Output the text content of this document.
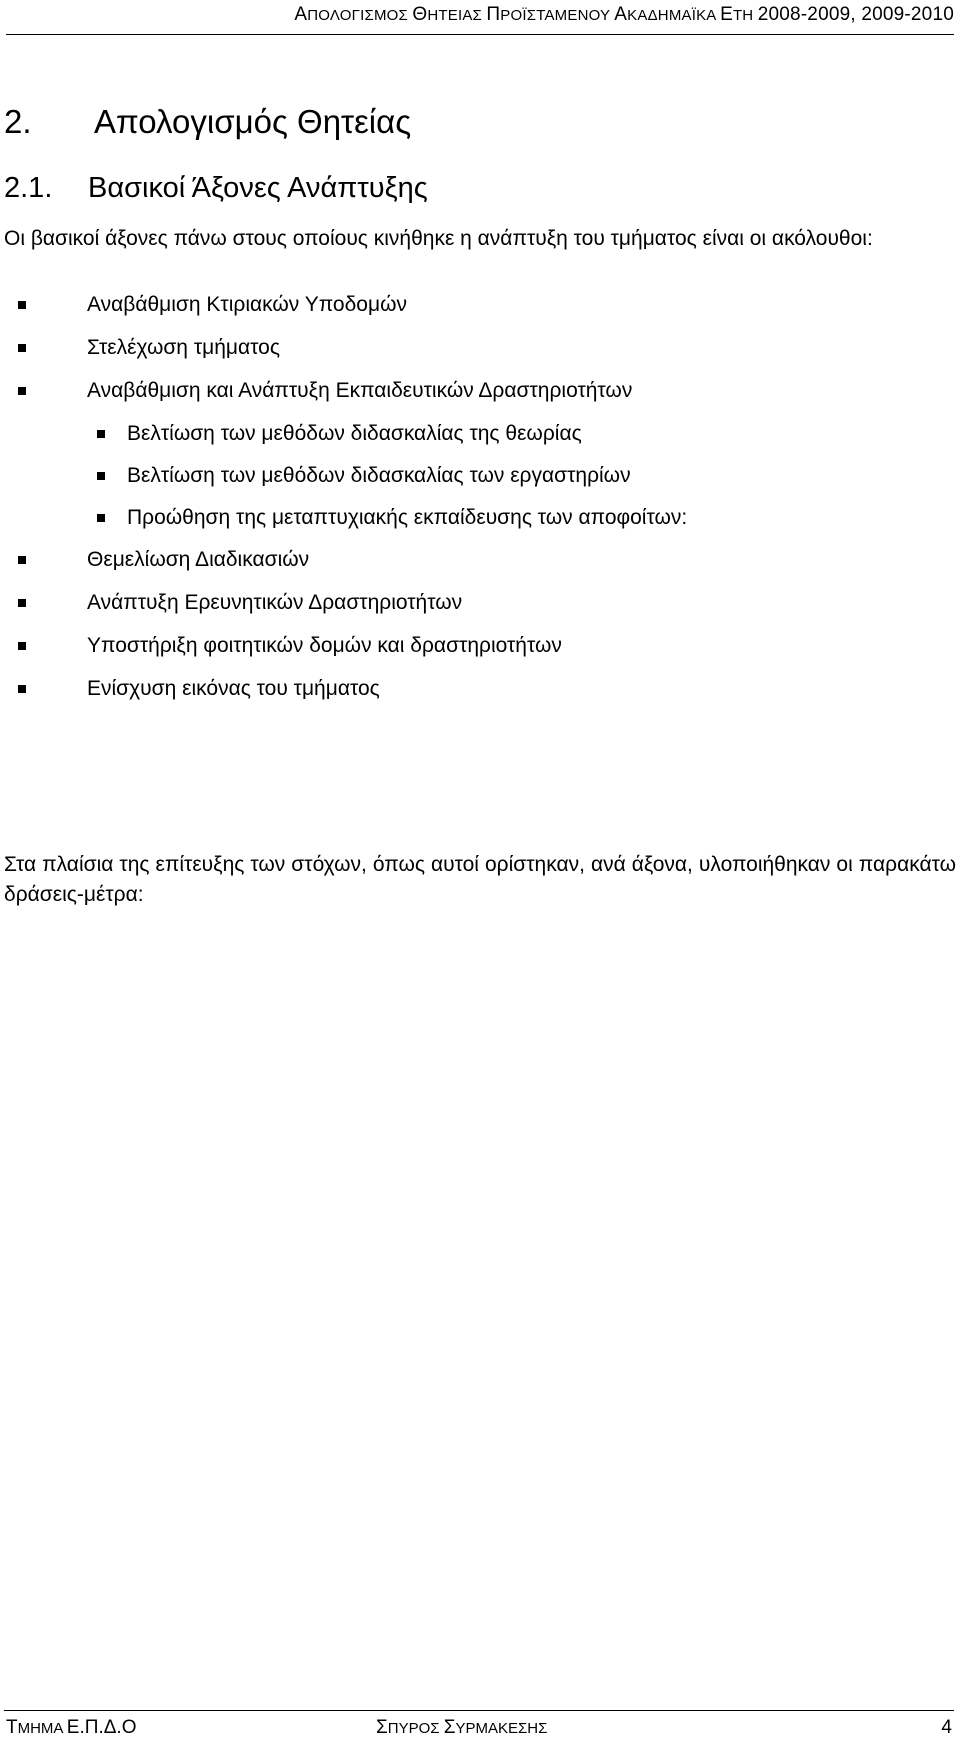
ΑΠΟΛΟΓΙΣΜΟΣ ΘΗΤΕΙΑΣ ΠΡΟΪΣΤΑΜΕΝΟΥ ΑΚΑΔΗΜΑΪΚΑ ΕΤΗ 2008-2009, 2009-2010
2. Απολογισμός Θητείας
2.1. Βασικοί Άξονες Ανάπτυξης

Οι βασικοί άξονες πάνω στους οποίους κινήθηκε η ανάπτυξη του τμήματος είναι οι ακόλουθοι:

Αναβάθμιση Κτιριακών Υποδομών
Στελέχωση τμήματος
Αναβάθμιση και Ανάπτυξη Εκπαιδευτικών Δραστηριοτήτων
Βελτίωση των μεθόδων διδασκαλίας της θεωρίας
Βελτίωση των μεθόδων διδασκαλίας των εργαστηρίων
Προώθηση της μεταπτυχιακής εκπαίδευσης των αποφοίτων:
Θεμελίωση Διαδικασιών
Ανάπτυξη Ερευνητικών Δραστηριοτήτων
Υποστήριξη φοιτητικών δομών και δραστηριοτήτων
Ενίσχυση εικόνας του τμήματος

Στα πλαίσια της επίτευξης των στόχων, όπως αυτοί ορίστηκαν, ανά άξονα, υλοποιήθηκαν οι παρακάτω δράσεις-μέτρα:

ΤΜΗΜΑ Ε.Π.Δ.Ο	ΣΠΥΡΟΣ ΣΥΡΜΑΚΕΣΗΣ	4
